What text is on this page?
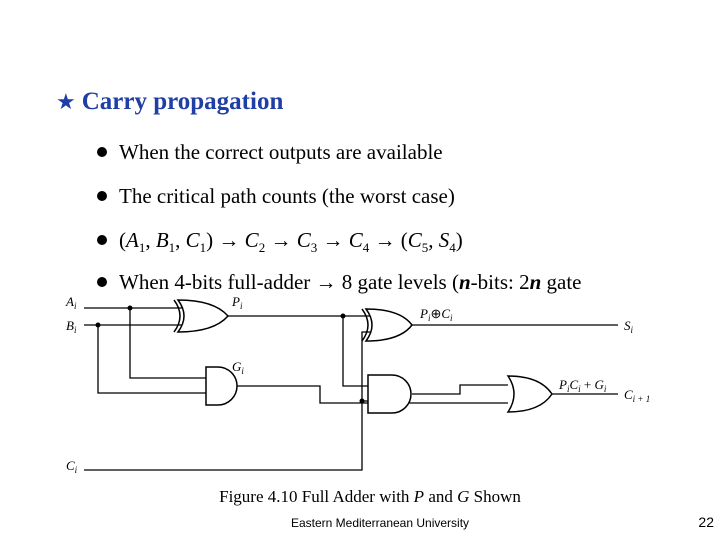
★ Carry propagation
When the correct outputs are available
The critical path counts (the worst case)
($A_1$, $B_1$, $C_1) \to C_2 \to C_3 \to C_4 \to (C_5$, $S_4$)
When 4-bits full-adder → 8 gate levels (n-bits: 2n gate
$A_i$
$B_i$
$C_i$
$P_i$
$G_i$
$P_i\oplus C_i$	$S_i$
$P_iC_i + G_i$ $C_{i + 1}$
Figure 4.10 Full Adder with P and G Shown
Eastern Mediterranean University	22
